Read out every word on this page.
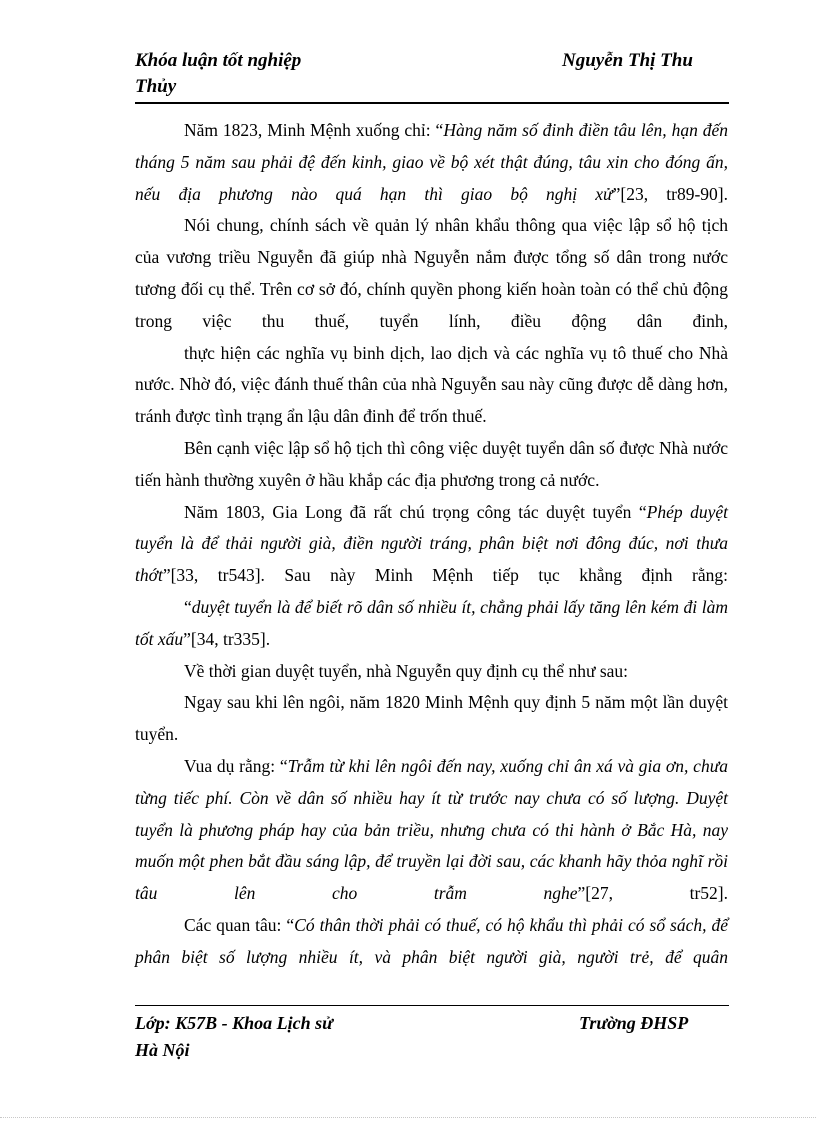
Khóa luận tốt nghiệp	Nguyễn Thị Thu
Thủy

Năm 1823, Minh Mệnh xuống chỉ: “Hàng năm số đinh điền tâu lên, hạn đến tháng 5 năm sau phải đệ đến kinh, giao về bộ xét thật đúng, tâu xin cho đóng ấn, nếu địa phương nào quá hạn thì giao bộ nghị xử”[23, tr89-90].

Nói chung, chính sách về quản lý nhân khẩu thông qua việc lập sổ hộ tịch của vương triều Nguyễn đã giúp nhà Nguyễn nắm được tổng số dân trong nước tương đối cụ thể. Trên cơ sở đó, chính quyền phong kiến hoàn toàn có thể chủ động trong việc thu thuế, tuyển lính, điều động dân đinh,

thực hiện các nghĩa vụ binh dịch, lao dịch và các nghĩa vụ tô thuế cho Nhà nước. Nhờ đó, việc đánh thuế thân của nhà Nguyễn sau này cũng được dễ dàng hơn, tránh được tình trạng ẩn lậu dân đinh để trốn thuế.

Bên cạnh việc lập sổ hộ tịch thì công việc duyệt tuyển dân số được Nhà nước tiến hành thường xuyên ở hầu khắp các địa phương trong cả nước.

Năm 1803, Gia Long đã rất chú trọng công tác duyệt tuyển “Phép duyệt tuyển là để thải người già, điền người tráng, phân biệt nơi đông đúc, nơi thưa thớt”[33, tr543]. Sau này Minh Mệnh tiếp tục khẳng định rằng:

“duyệt tuyển là để biết rõ dân số nhiều ít, chẳng phải lấy tăng lên kém đi làm tốt xấu”[34, tr335].

Về thời gian duyệt tuyển, nhà Nguyễn quy định cụ thể như sau:

Ngay sau khi lên ngôi, năm 1820 Minh Mệnh quy định 5 năm một lần duyệt tuyển.

Vua dụ rằng: “Trẫm từ khi lên ngôi đến nay, xuống chỉ ân xá và gia ơn, chưa từng tiếc phí. Còn về dân số nhiều hay ít từ trước nay chưa có số lượng. Duyệt tuyển là phương pháp hay của bản triều, nhưng chưa có thi hành ở Bắc Hà, nay muốn một phen bắt đầu sáng lập, để truyền lại đời sau, các khanh hãy thỏa nghĩ rồi tâu lên cho trẫm nghe”[27, tr52].

Các quan tâu: “Có thân thời phải có thuế, có hộ khẩu thì phải có sổ sách, để phân biệt số lượng nhiều ít, và phân biệt người già, người trẻ, để quân

Lớp: K57B - Khoa Lịch sử	Trường ĐHSP
Hà Nội
